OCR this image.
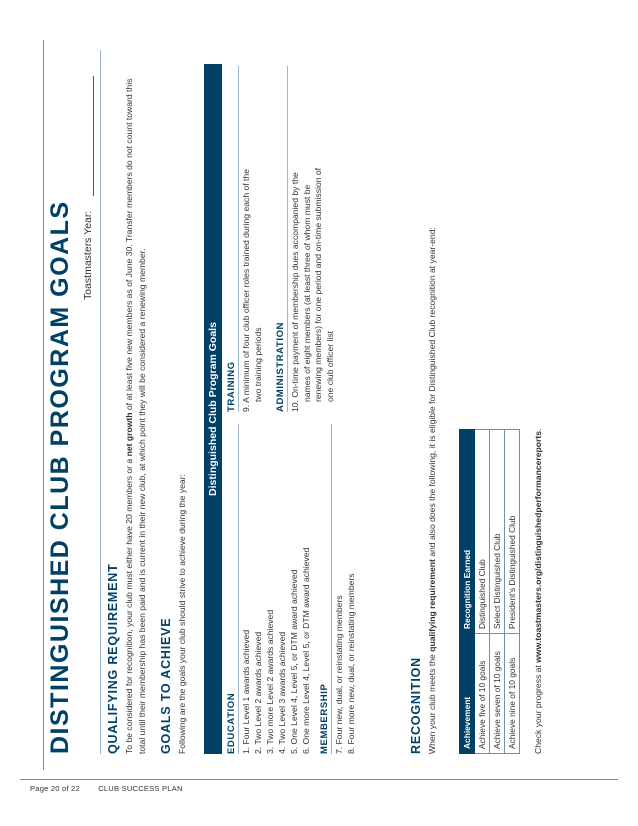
DISTINGUISHED CLUB PROGRAM GOALS Toastmasters Year:
QUALIFYING REQUIREMENT To be considered for recognition, your club must either have 20 members or a net growth of at least five new members as of June 30. Transfer members do not count toward this total until their membership has been paid and is current in their new club, at which point they will be considered a renewing member. GOALS TO ACHIEVE Following are the goals your club should strive to achieve during the year:
Distinguished Club Program Goals
EDUCATION 1. Four Level 1 awards achieved 2. Two Level 2 awards achieved 3. Two more Level 2 awards achieved 4. Two Level 3 awards achieved 5. One Level 4, Level 5, or DTM award achieved 6. One more Level 4, Level 5, or DTM award achieved MEMBERSHIP 7. Four new, dual, or reinstating members 8. Four more new, dual, or reinstating members
TRAINING 9. A minimum of four club officer roles trained during each of the two training periods ADMINISTRATION 10. On-time payment of membership dues accompanied by the names of eight members (at least three of whom must be renewing members) for one period and on-time submission of one club officer list
RECOGNITION When your club meets the qualifying requirement and also does the following, it is eligible for Distinguished Club recognition at year-end:
Achievement	Recognition Earned
Achieve five of 10 goals	Distinguished Club
Achieve seven of 10 goals	Select Distinguished Club
Achieve nine of 10 goals	President's Distinguished Club
Check your progress at www.toastmasters.org/distinguishedperformancereports.
Page 20 of 22 CLUB SUCCESS PLAN
